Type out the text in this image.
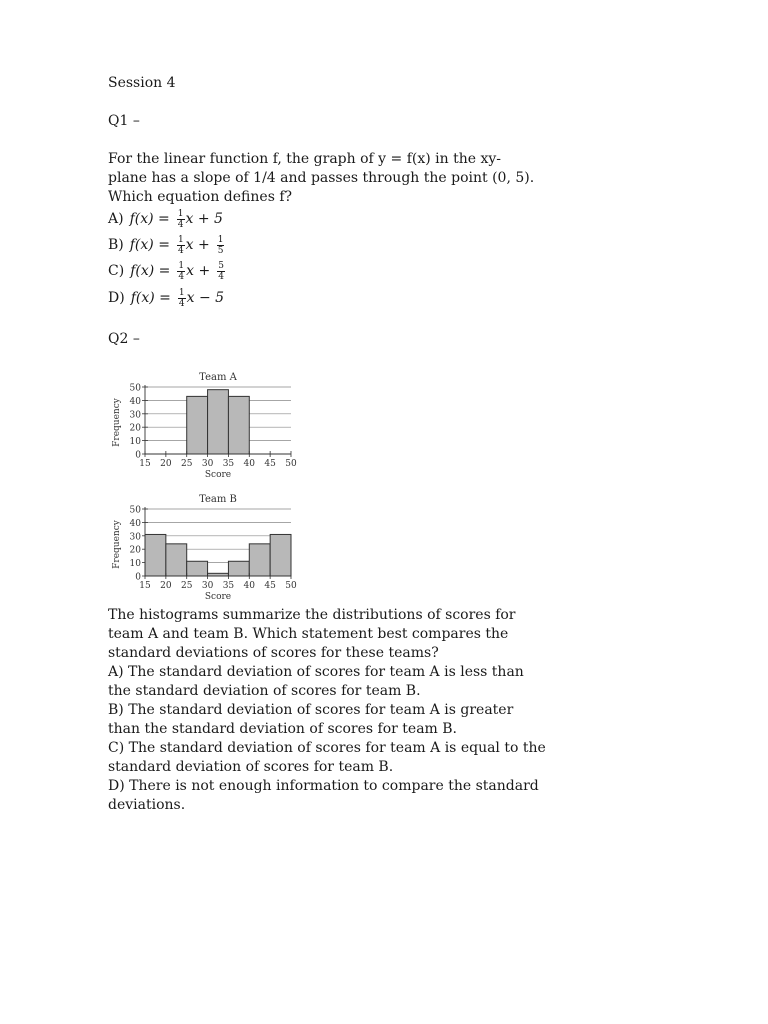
Session 4
Q1 –
For the linear function f, the graph of y = f(x) in the xy-
plane has a slope of 1/4 and passes through the point (0, 5).
Which equation defines f?
A) $f(x) = \frac{1}{4}$ x + 5
B) $f(x) = \frac{1}{4}$ $x + \frac{1}{5}$
C) $f(x) = \frac{1}{4}$ $x + \frac{5}{4}$
D) $f(x) = \frac{1}{4}$ x − 5
Q2 –
Team A
0
10
20
30
40
50
15 20 25 30 35 40 45 50
Score
Frequency
Team B
0
10
20
30
40
50
15 20 25 30 35 40 45 50
Score
Frequency
The histograms summarize the distributions of scores for
team A and team B. Which statement best compares the
standard deviations of scores for these teams?
A) The standard deviation of scores for team A is less than
the standard deviation of scores for team B.
B) The standard deviation of scores for team A is greater
than the standard deviation of scores for team B.
C) The standard deviation of scores for team A is equal to the
standard deviation of scores for team B.
D) There is not enough information to compare the standard
deviations.
